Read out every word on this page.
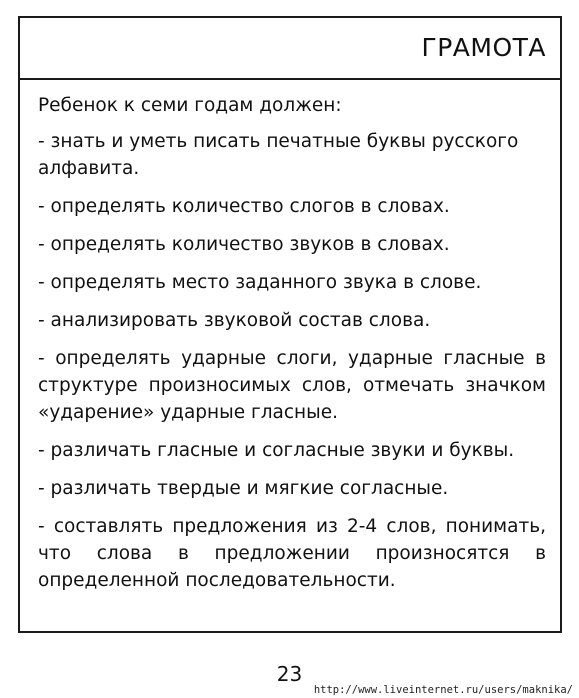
ГРАМОТА

Ребенок к семи годам должен:

- знать и уметь писать печатные буквы русского алфавита.

- определять количество слогов в словах.

- определять количество звуков в словах.

- определять место заданного звука в слове.

- анализировать звуковой состав слова.

- определять ударные слоги, ударные гласные в структуре произносимых слов, отмечать значком «ударение» ударные гласные.

- различать гласные и согласные звуки и буквы.

- различать твердые и мягкие согласные.

- составлять предложения из 2-4 слов, понимать, что слова в предложении произносятся в определенной последовательности.

23
http://www.liveinternet.ru/users/maknika/
